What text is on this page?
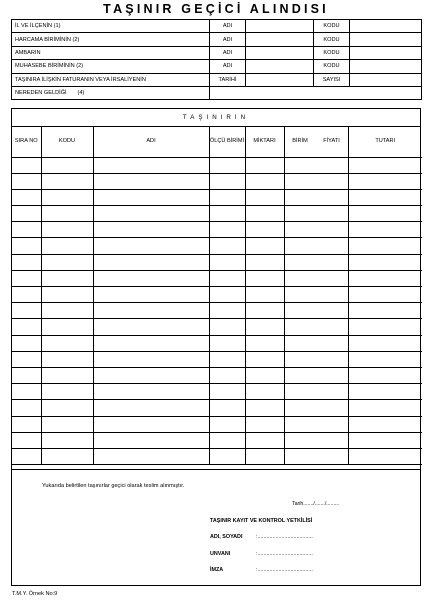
TAŞINIR GEÇİCİ ALINDISI
İL VE İLÇENİN (1)	ADI		KODU	
HARCAMA BİRİMİNİN (2)	ADI		KODU	
AMBARIN	ADI		KODU	
MUHASEBE BİRİMİNİN (2)	ADI		KODU	
TAŞINIRA İLİŞKİN FATURANIN VEYA İRSALİYENİN	TARİHİ		SAYISI	
NEREDEN GELDİĞİ (4)				
TAŞINIRIN
SIRA NO	KODU	ADI	ÖLÇÜ BİRİMİ	MİKTARI	BİRİM FİYATI	TUTARI

Yukarıda belirtilen taşınırlar geçici olarak teslim alınmıştır.
Tarih......./......./.........
TAŞINIR KAYIT VE KONTROL YETKİLİSİ
ADI, SOYADI	:.....................................
UNVANI	:.....................................
İMZA	:.....................................
T.M.Y. Örnek No:9
